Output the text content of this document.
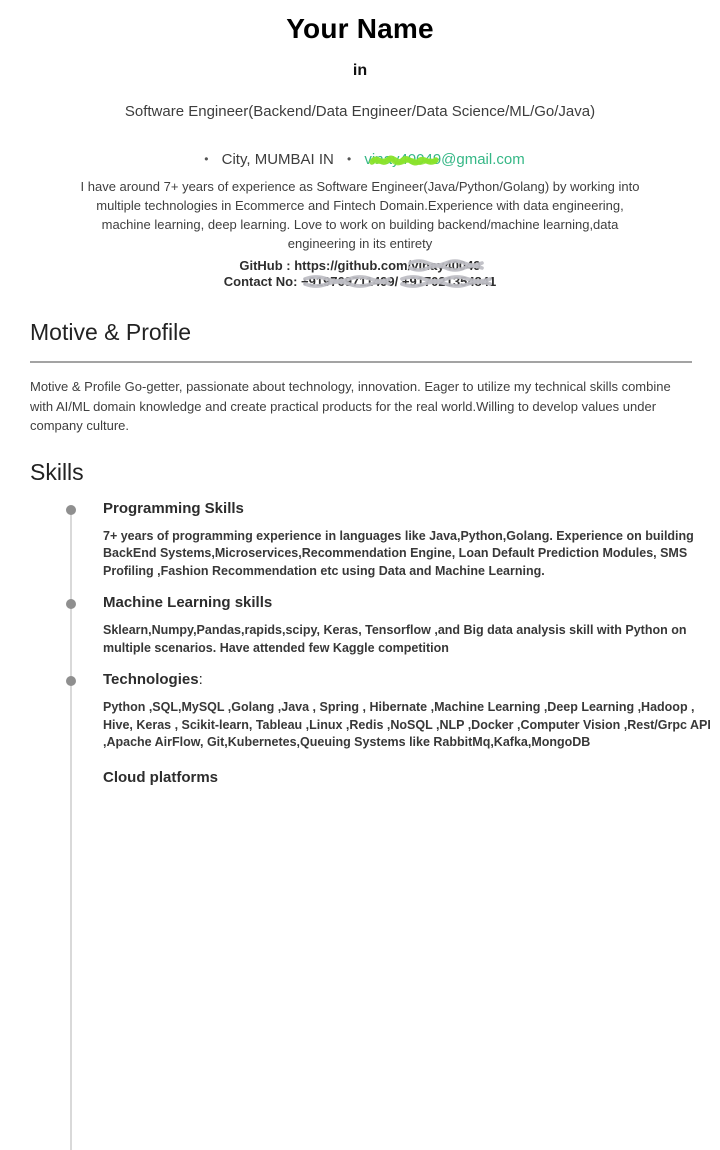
Your Name
in
Software Engineer(Backend/Data Engineer/Data Science/ML/Go/Java)
• City, MUMBAI IN • vinay40049@gmail.com

I have around 7+ years of experience as Software Engineer(Java/Python/Golang) by working into multiple technologies in Ecommerce and Fintech Domain.Experience with data engineering, machine learning, deep learning. Love to work on building backend/machine learning,data engineering in its entirety

GitHub : https://github.com/vinay40049
Contact No: +919769711499
/ +917021354841
Motive & Profile

Motive & Profile Go-getter, passionate about technology, innovation. Eager to utilize my technical skills combine with AI/ML domain knowledge and create practical products for the real world.Willing to develop values under company culture.

Skills
Programming Skills

7+ years of programming experience in languages like Java,Python,Golang. Experience on building BackEnd Systems,Microservices,Recommendation Engine, Loan Default Prediction Modules, SMS Profiling ,Fashion Recommendation etc using Data and Machine Learning.

Machine Learning skills

Sklearn,Numpy,Pandas,rapids,scipy, Keras, Tensorflow ,and Big data analysis skill with Python on multiple scenarios. Have attended few Kaggle competition

Technologies:

Python ,SQL,MySQL ,Golang ,Java , Spring , Hibernate ,Machine Learning ,Deep Learning ,Hadoop , Hive, Keras , Scikit-learn, Tableau ,Linux ,Redis ,NoSQL ,NLP ,Docker ,Computer Vision ,Rest/Grpc API ,Apache AirFlow, Git,Kubernetes,Queuing Systems like RabbitMq,Kafka,MongoDB

Cloud platforms
